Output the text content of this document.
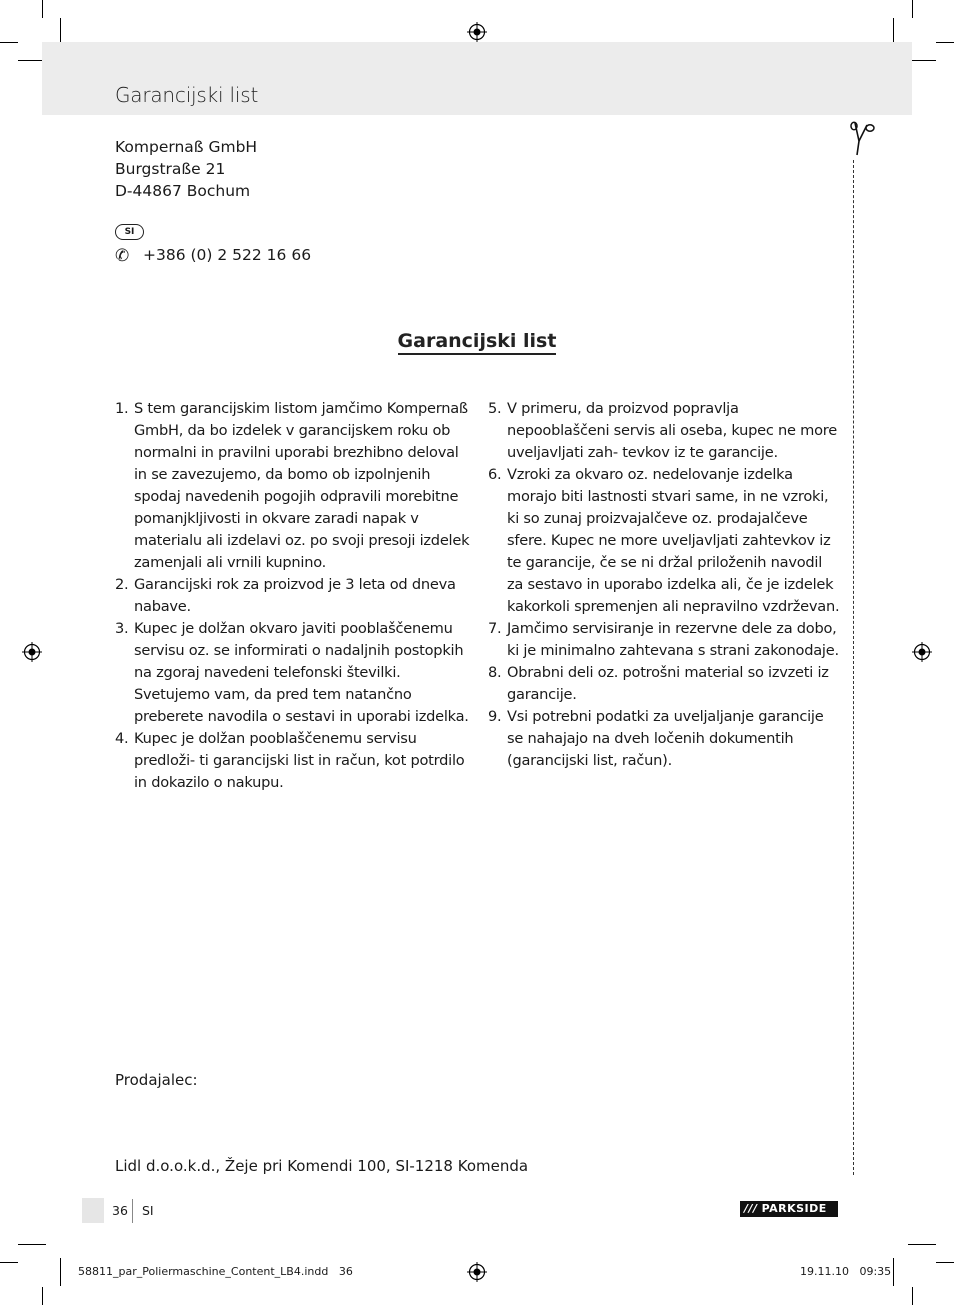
Garancijski list
Kompernaß GmbH
Burgstraße 21
D-44867 Bochum
SI
✆ +386 (0) 2 522 16 66
Garancijski list
1. S tem garancijskim listom jamčimo Kompernaß GmbH, da bo izdelek v garancijskem roku ob normalni in pravilni uporabi brezhibno deloval in se zavezujemo, da bomo ob izpolnjenih spodaj navedenih pogojih odpravili morebitne pomanjkljivosti in okvare zaradi napak v materialu ali izdelavi oz. po svoji presoji izdelek zamenjali ali vrnili kupnino.
2. Garancijski rok za proizvod je 3 leta od dneva nabave.
3. Kupec je dolžan okvaro javiti pooblaščenemu servisu oz. se informirati o nadaljnih postopkih na zgoraj navedeni telefonski številki. Svetujemo vam, da pred tem natančno preberete navodila o sestavi in uporabi izdelka.
4. Kupec je dolžan pooblaščenemu servisu predloži- ti garancijski list in račun, kot potrdilo in dokazilo o nakupu.
5. V primeru, da proizvod popravlja nepooblaščeni servis ali oseba, kupec ne more uveljavljati zah- tevkov iz te garancije.
6. Vzroki za okvaro oz. nedelovanje izdelka morajo biti lastnosti stvari same, in ne vzroki, ki so zunaj proizvajalčeve oz. prodajalčeve sfere. Kupec ne more uveljavljati zahtevkov iz te garancije, če se ni držal priloženih navodil za sestavo in uporabo izdelka ali, če je izdelek kakorkoli spremenjen ali nepravilno vzdrževan.
7. Jamčimo servisiranje in rezervne dele za dobo, ki je minimalno zahtevana s strani zakonodaje.
8. Obrabni deli oz. potrošni material so izvzeti iz garancije.
9. Vsi potrebni podatki za uveljaljanje garancije se nahajajo na dveh ločenih dokumentih (garancijski list, račun).
Prodajalec:
Lidl d.o.o.k.d., Žeje pri Komendi 100, SI-1218 Komenda
36 SI	/// PARKSIDE
58811_par_Poliermaschine_Content_LB4.indd   36	19.11.10   09:35
